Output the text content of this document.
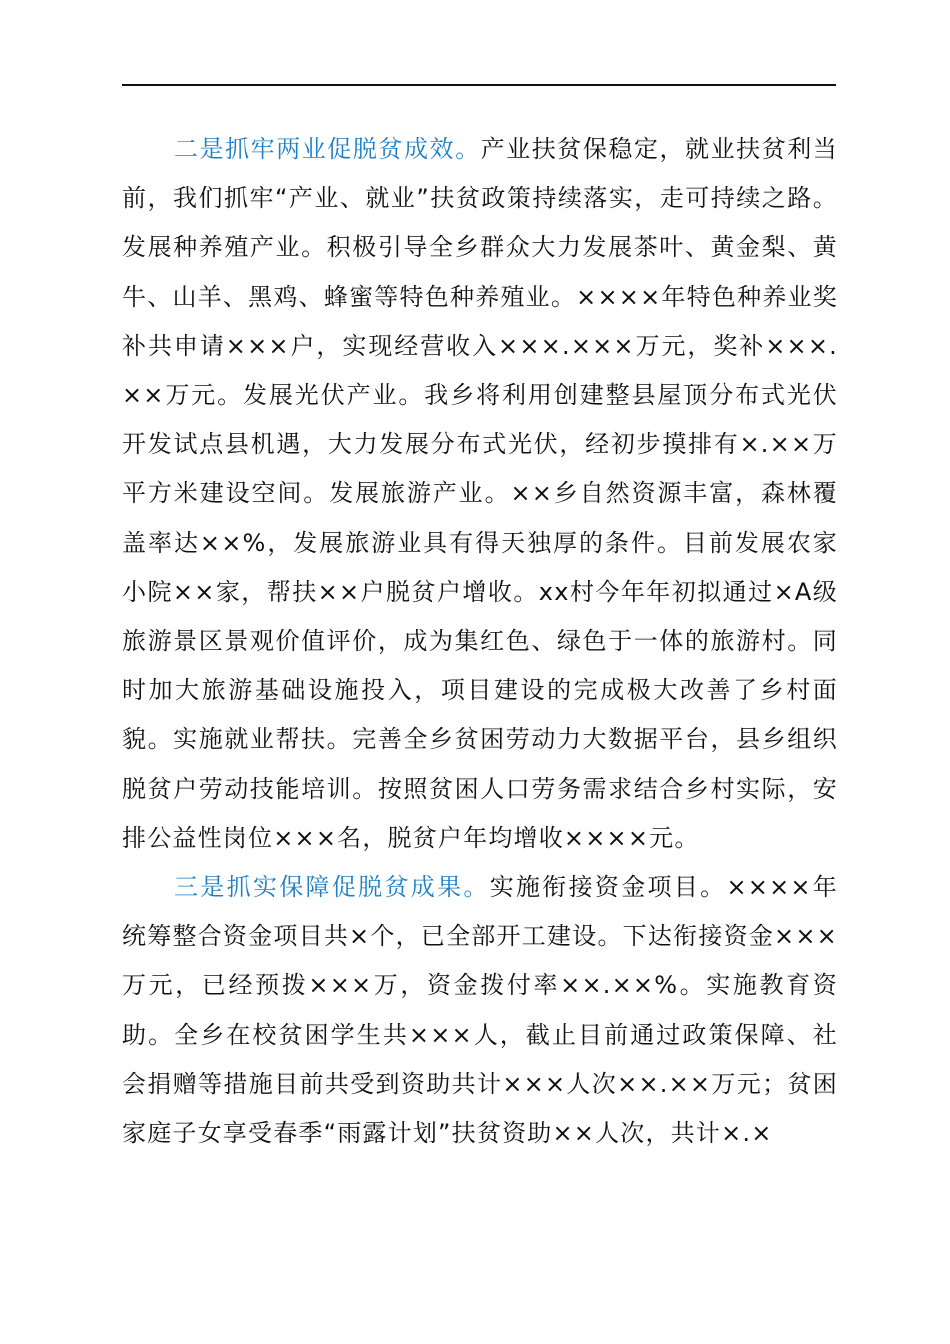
二是抓牢两业促脱贫成效。产业扶贫保稳定，就业扶贫利当前，我们抓牢“产业、就业”扶贫政策持续落实，走可持续之路。发展种养殖产业。积极引导全乡群众大力发展茶叶、黄金梨、黄牛、山羊、黑鸡、蜂蜜等特色种养殖业。××××年特色种养业奖补共申请×××户，实现经营收入×××.×××万元，奖补×××.××万元。发展光伏产业。我乡将利用创建整县屋顶分布式光伏开发试点县机遇，大力发展分布式光伏，经初步摸排有×.××万平方米建设空间。发展旅游产业。××乡自然资源丰富，森林覆盖率达××%，发展旅游业具有得天独厚的条件。目前发展农家小院××家，帮扶××户脱贫户增收。xx村今年年初拟通过×A级旅游景区景观价值评价，成为集红色、绿色于一体的旅游村。同时加大旅游基础设施投入，项目建设的完成极大改善了乡村面貌。实施就业帮扶。完善全乡贫困劳动力大数据平台，县乡组织脱贫户劳动技能培训。按照贫困人口劳务需求结合乡村实际，安排公益性岗位×××名，脱贫户年均增收××××元。

三是抓实保障促脱贫成果。实施衔接资金项目。××××年统筹整合资金项目共×个，已全部开工建设。下达衔接资金×××万元，已经预拨×××万，资金拨付率××.××%。实施教育资助。全乡在校贫困学生共×××人，截止目前通过政策保障、社会捐赠等措施目前共受到资助共计×××人次××.××万元；贫困家庭子女享受春季“雨露计划”扶贫资助××人次，共计×.×
